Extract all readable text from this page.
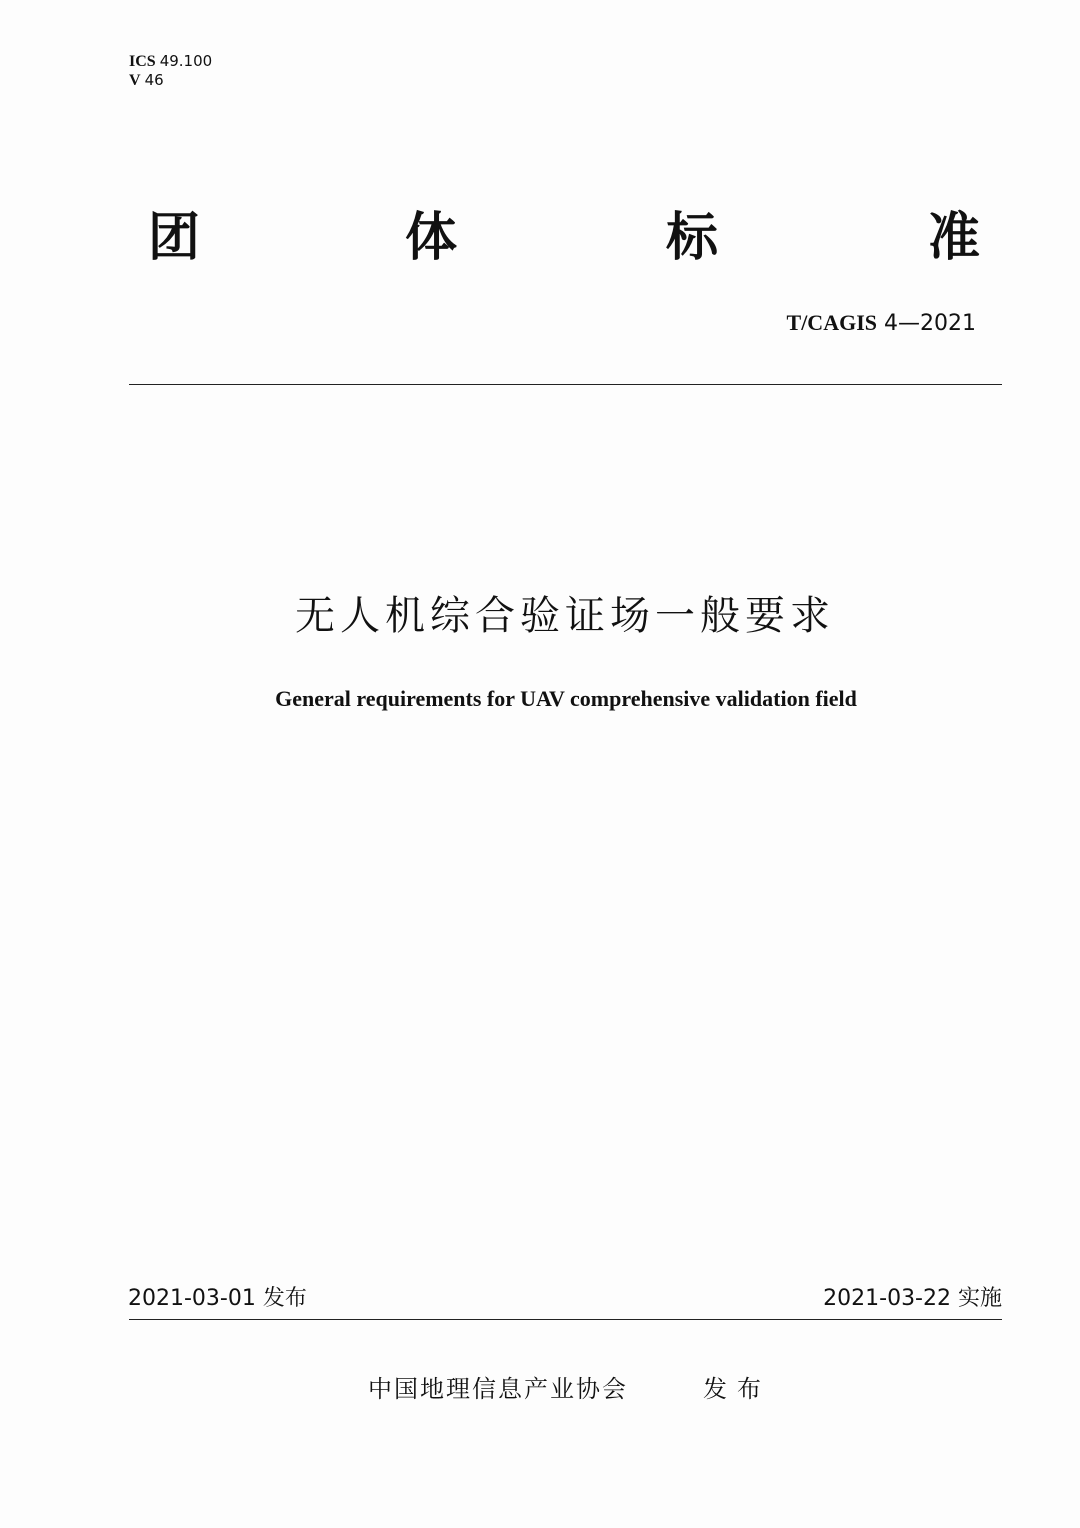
ICS 49.100
V 46
团	体	标	准
T/CAGIS 4—2021
无人机综合验证场一般要求
General requirements for UAV comprehensive validation field
2021-03-01 发布	2021-03-22 实施
中国地理信息产业协会	发布
